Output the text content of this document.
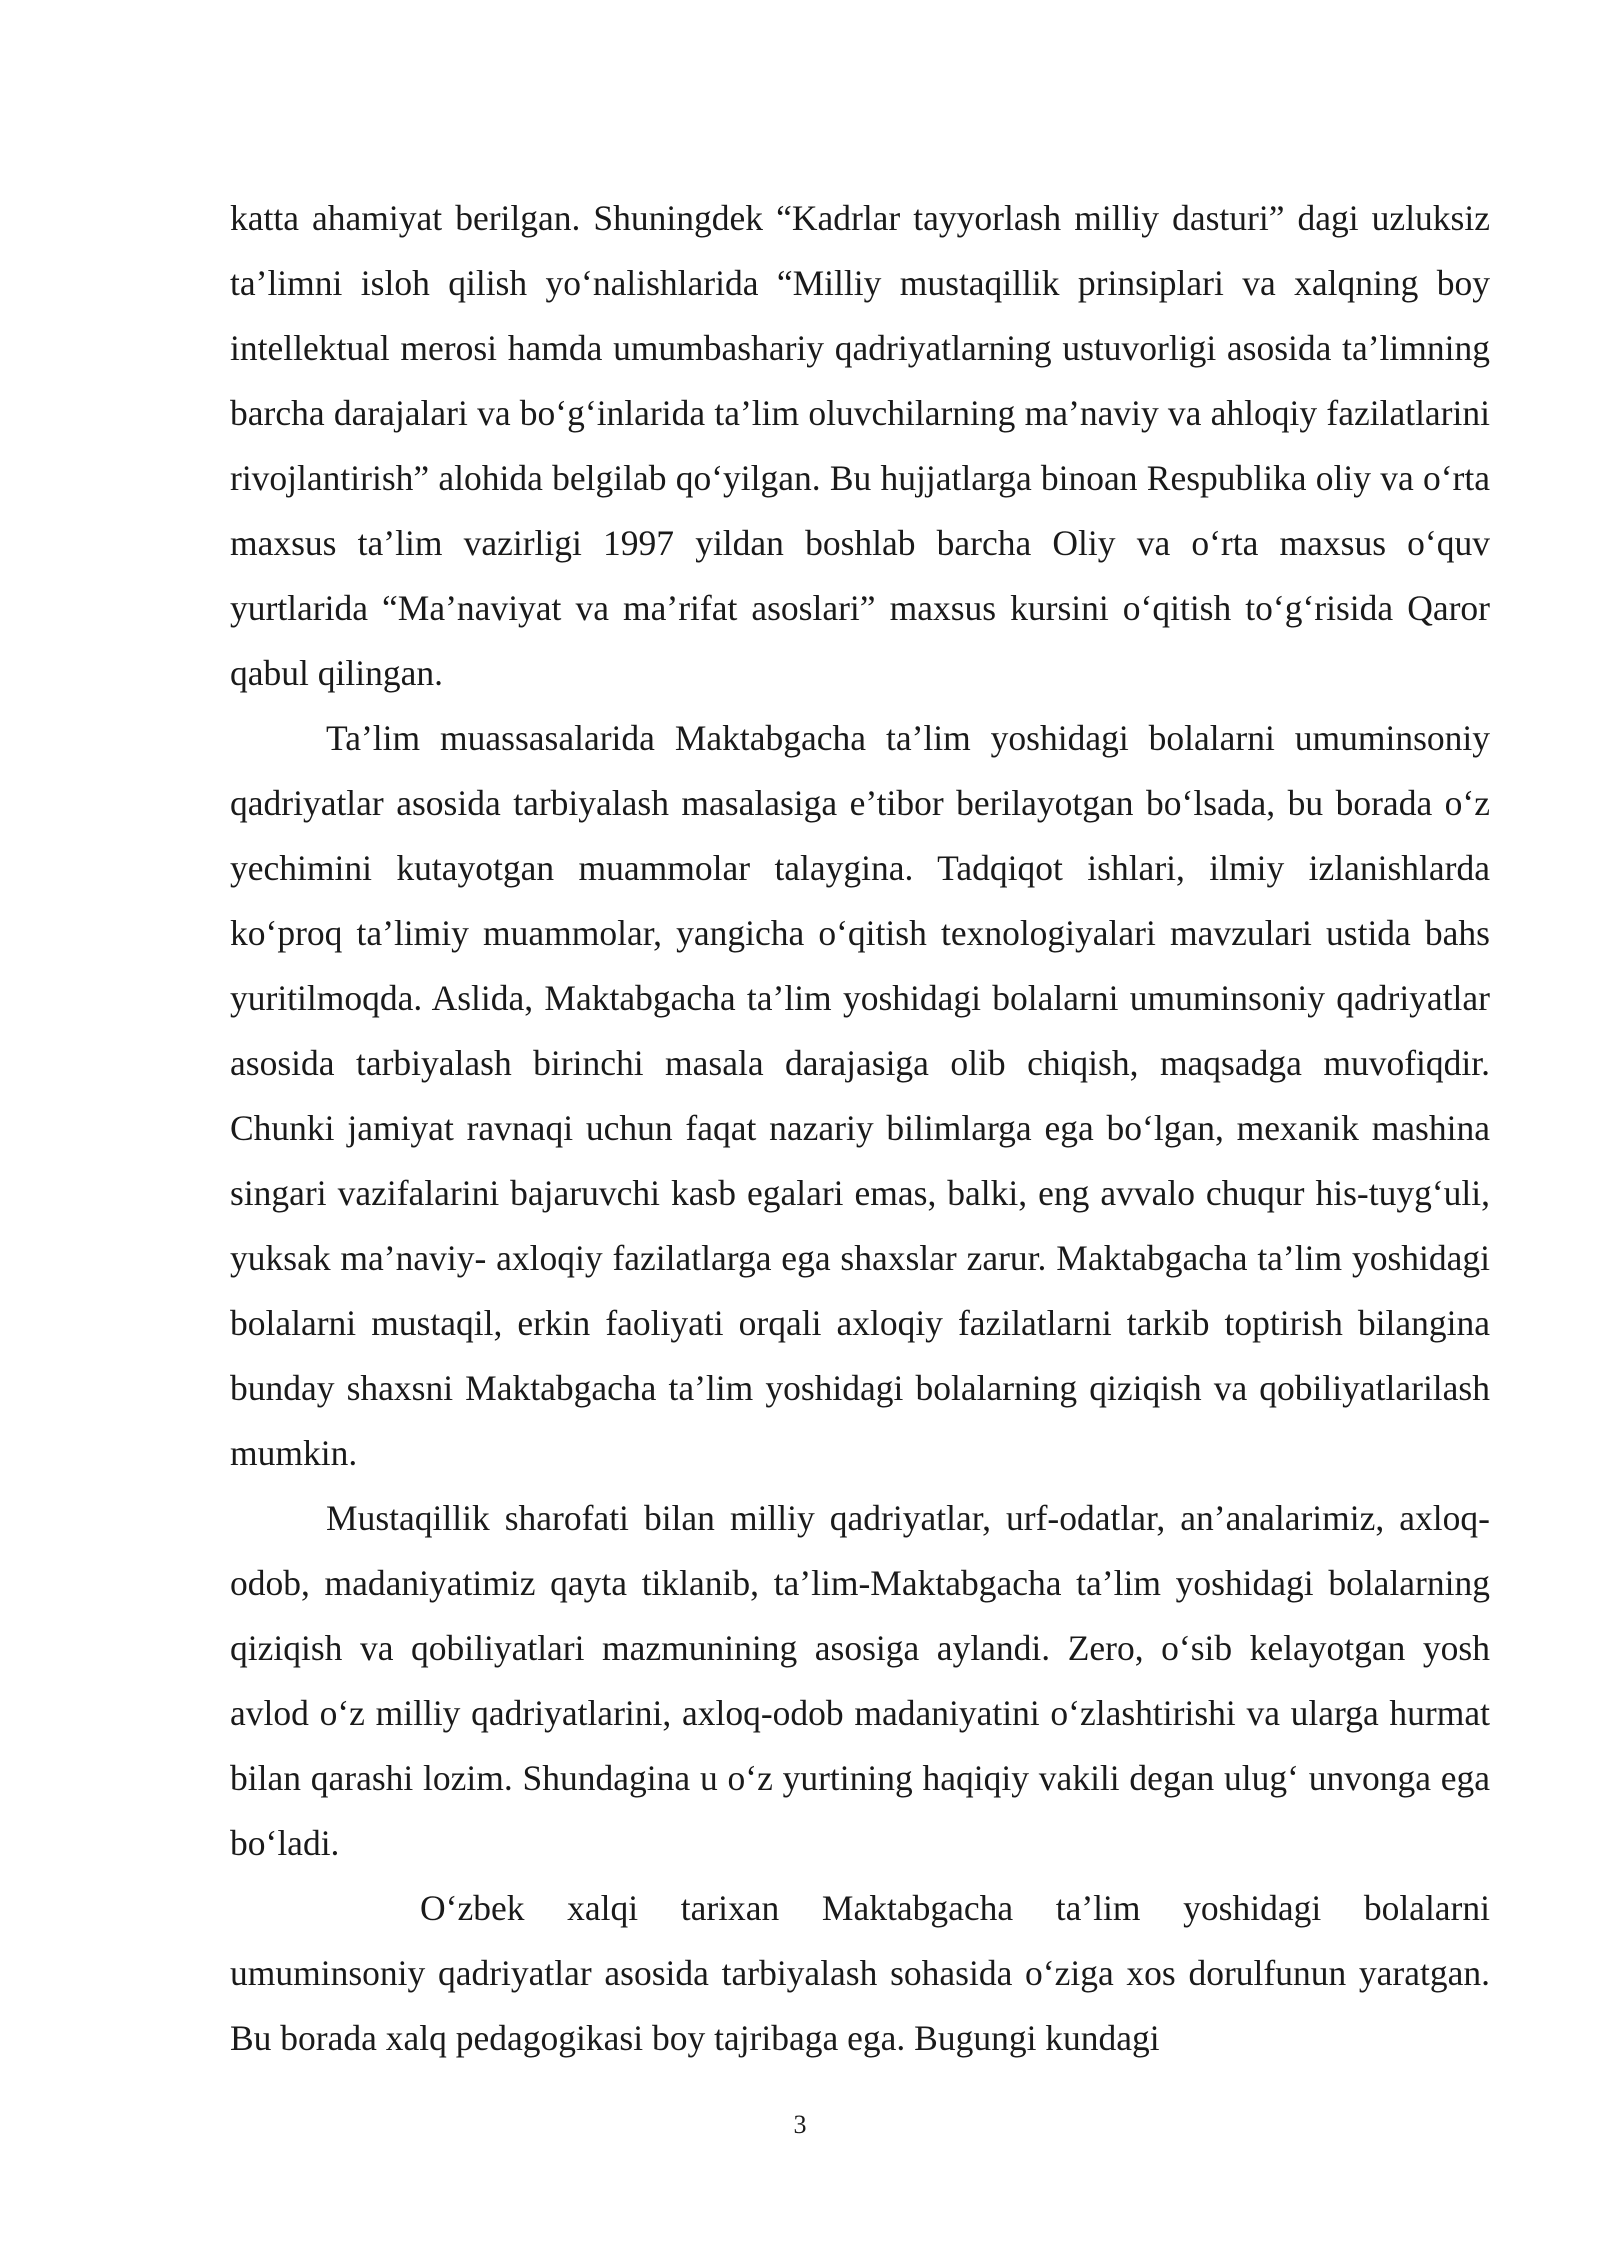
katta ahamiyat berilgan. Shuningdek “Kadrlar tayyorlash milliy dasturi” dagi uzluksiz ta’limni isloh qilish yo‘nalishlarida “Milliy mustaqillik prinsiplari va xalqning boy intellektual merosi hamda umumbashariy qadriyatlarning ustuvorligi asosida ta’limning barcha darajalari va bo‘g‘inlarida ta’lim oluvchilarning ma’naviy va ahloqiy fazilatlarini rivojlantirish” alohida belgilab qo‘yilgan. Bu hujjatlarga binoan Respublika oliy va o‘rta maxsus ta’lim vazirligi 1997 yildan boshlab barcha Oliy va o‘rta maxsus o‘quv yurtlarida “Ma’naviyat va ma’rifat asoslari” maxsus kursini o‘qitish to‘g‘risida Qaror qabul qilingan.

Ta’lim muassasalarida Maktabgacha ta’lim yoshidagi bolalarni umuminsoniy qadriyatlar asosida tarbiyalash masalasiga e’tibor berilayotgan bo‘lsada, bu borada o‘z yechimini kutayotgan muammolar talaygina. Tadqiqot ishlari, ilmiy izlanishlarda ko‘proq ta’limiy muammolar, yangicha o‘qitish texnologiyalari mavzulari ustida bahs yuritilmoqda. Aslida, Maktabgacha ta’lim yoshidagi bolalarni umuminsoniy qadriyatlar asosida tarbiyalash birinchi masala darajasiga olib chiqish, maqsadga muvofiqdir. Chunki jamiyat ravnaqi uchun faqat nazariy bilimlarga ega bo‘lgan, mexanik mashina singari vazifalarini bajaruvchi kasb egalari emas, balki, eng avvalo chuqur his-tuyg‘uli, yuksak ma’naviy- axloqiy fazilatlarga ega shaxslar zarur. Maktabgacha ta’lim yoshidagi bolalarni mustaqil, erkin faoliyati orqali axloqiy fazilatlarni tarkib toptirish bilangina bunday shaxsni Maktabgacha ta’lim yoshidagi bolalarning qiziqish va qobiliyatlarilash mumkin.

Mustaqillik sharofati bilan milliy qadriyatlar, urf-odatlar, an’analarimiz, axloq-odob, madaniyatimiz qayta tiklanib, ta’lim-Maktabgacha ta’lim yoshidagi bolalarning qiziqish va qobiliyatlari mazmunining asosiga aylandi. Zero, o‘sib kelayotgan yosh avlod o‘z milliy qadriyatlarini, axloq-odob madaniyatini o‘zlashtirishi va ularga hurmat bilan qarashi lozim. Shundagina u o‘z yurtining haqiqiy vakili degan ulug‘ unvonga ega bo‘ladi.

O‘zbek xalqi tarixan Maktabgacha ta’lim yoshidagi bolalarni umuminsoniy qadriyatlar asosida tarbiyalash sohasida o‘ziga xos dorulfunun yaratgan. Bu borada xalq pedagogikasi boy tajribaga ega. Bugungi kundagi

3
